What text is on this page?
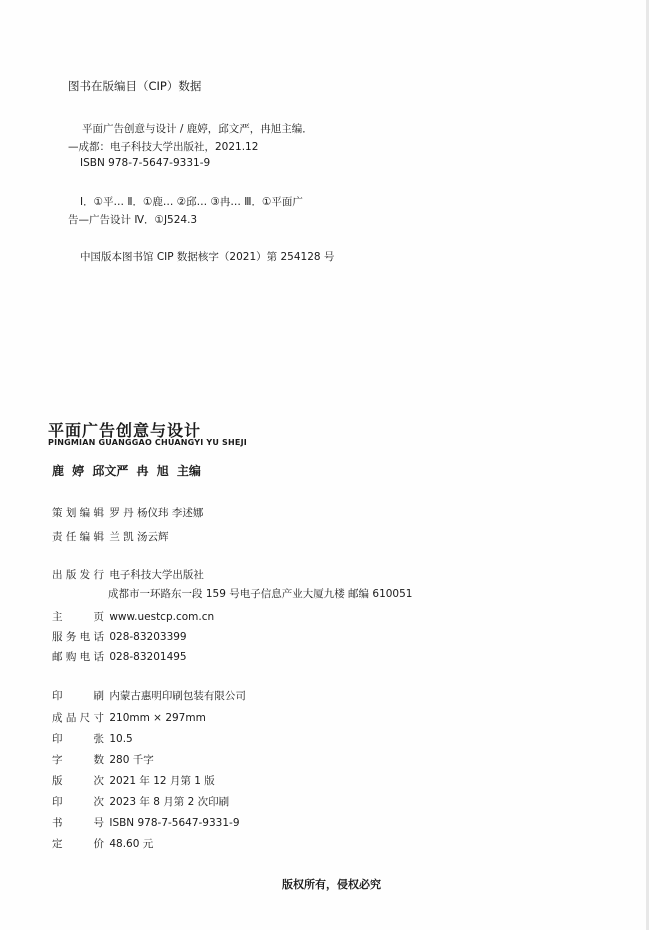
图书在版编目（CIP）数据
平面广告创意与设计 / 鹿婷，邱文严，冉旭主编．
—成都：电子科技大学出版社，2021.12
ISBN 978-7-5647-9331-9
Ⅰ．①平… Ⅱ．①鹿… ②邱… ③冉… Ⅲ．①平面广
告—广告设计 Ⅳ．①J524.3
中国版本图书馆 CIP 数据核字（2021）第 254128 号
平面广告创意与设计
PINGMIAN GUANGGAO CHUANGYI YU SHEJI
鹿 婷 邱文严 冉 旭 主编
策划编辑 罗 丹 杨仪玮 李述娜
责任编辑 兰 凯 汤云辉
出版发行 电子科技大学出版社
成都市一环路东一段 159 号电子信息产业大厦九楼 邮编 610051
主页 www.uestcp.com.cn
服务电话 028-83203399
邮购电话 028-83201495
印刷 内蒙古惠明印刷包装有限公司
成品尺寸 210mm × 297mm
印张 10.5
字数 280 千字
版次 2021 年 12 月第 1 版
印次 2023 年 8 月第 2 次印刷
书号 ISBN 978-7-5647-9331-9
定价 48.60 元
版权所有，侵权必究
